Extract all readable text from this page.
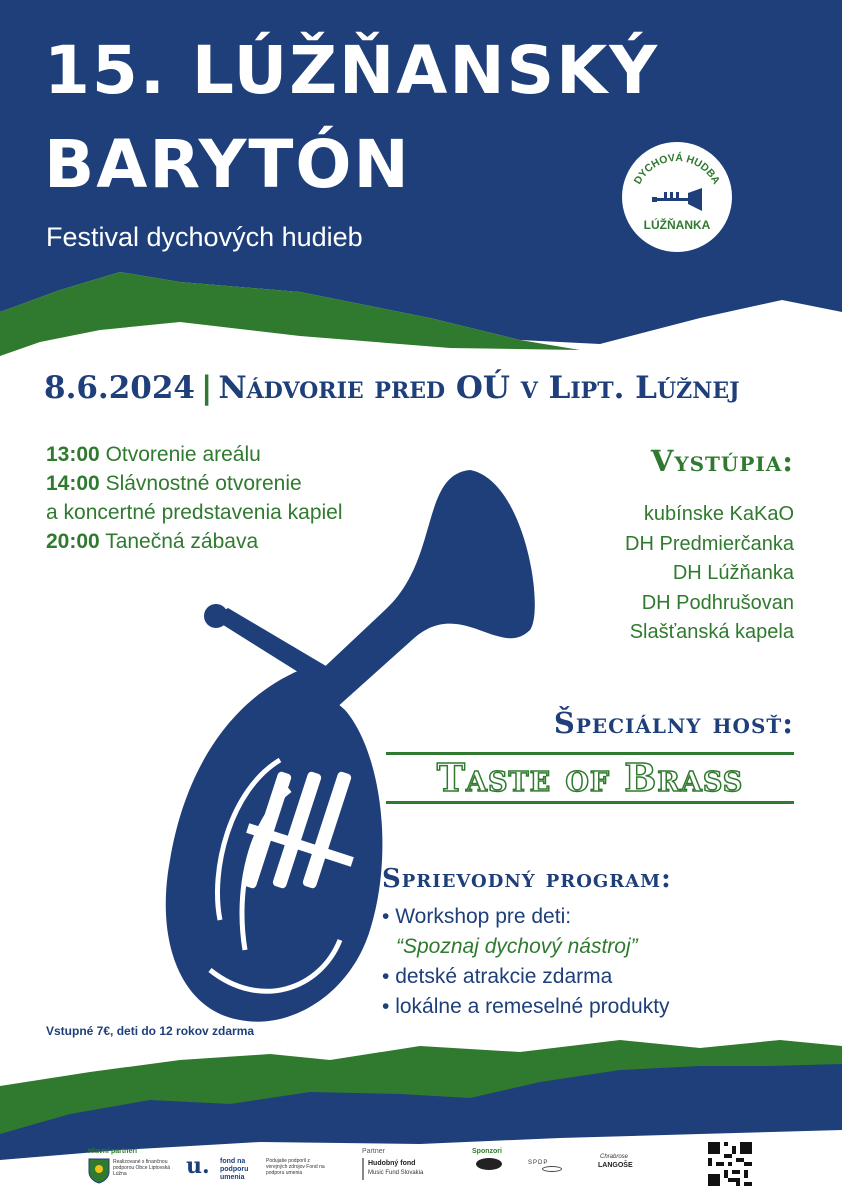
15. LÚŽŇANSKÝ
BARYTÓN
Festival dychových hudieb
DYCHOVÁ HUDBA
LÚŽŇANKA
8.6.2024 | Nádvorie pred OÚ v Lipt. Lúžnej
13:00 Otvorenie areálu
14:00 Slávnostné otvorenie
a koncertné predstavenia kapiel
20:00 Tanečná zábava
Vystúpia:
kubínske KaKaO
DH Predmierčanka
DH Lúžňanka
DH Podhrušovan
Slašťanská kapela
Špeciálny hosť:
Taste of Brass
Sprievodný program:
• Workshop pre deti:
“Spoznaj dychový nástroj”
• detské atrakcie zdarma
• lokálne a remeselné produkty
Vstupné 7€, deti do 12 rokov zdarma
Hlavní partneri
Realizované s finančnou podporou Obce Liptovská Lúžna	u. fond na podporu umenia
Podujatie podporil z verejných zdrojov Fond na podporu umenia
Partner
Hudobný fond
Music Fund Slovakia
Sponzori
SPDP
Chrabrose
LANGOŠE
